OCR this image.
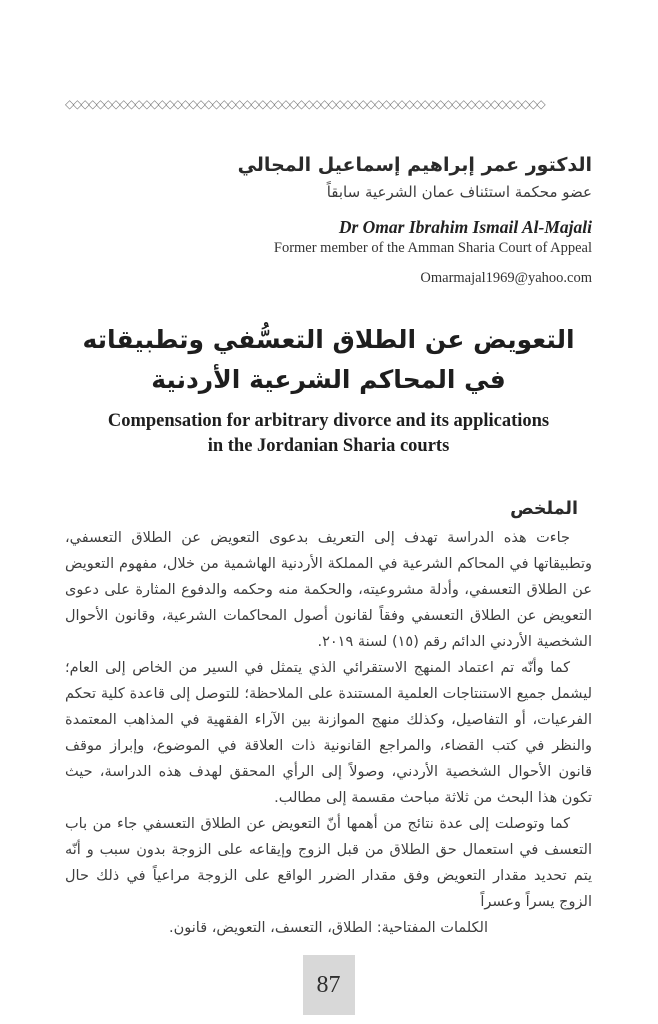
◇◇◇◇◇◇◇◇◇◇◇◇◇◇◇◇◇◇◇◇◇◇◇◇◇◇◇◇◇◇◇◇◇◇◇◇◇◇◇◇◇◇◇◇◇◇◇◇◇◇◇◇◇◇◇◇◇◇◇◇◇◇
الدكتور عمر إبراهيم إسماعيل المجالي
عضو محكمة استئناف عمان الشرعية سابقاً
Dr Omar Ibrahim Ismail Al-Majali
Former member of the Amman Sharia Court of Appeal
Omarmajal1969@yahoo.com
التعويض عن الطلاق التعسُّفي وتطبيقاته
في المحاكم الشرعية الأردنية
Compensation for arbitrary divorce and its applications
in the Jordanian Sharia courts
الملخص

جاءت هذه الدراسة تهدف إلى التعريف بدعوى التعويض عن الطلاق التعسفي، وتطبيقاتها في المحاكم الشرعية في المملكة الأردنية الهاشمية من خلال، مفهوم التعويض عن الطلاق التعسفي، وأدلة مشروعيته، والحكمة منه وحكمه والدفوع المثارة على دعوى التعويض عن الطلاق التعسفي وفقاً لقانون أصول المحاكمات الشرعية، وقانون الأحوال الشخصية الأردني الدائم رقم (١٥) لسنة ٢٠١٩.

كما وأنّه تم اعتماد المنهج الاستقرائي الذي يتمثل في السير من الخاص إلى العام؛ ليشمل جميع الاستنتاجات العلمية المستندة على الملاحظة؛ للتوصل إلى قاعدة كلية تحكم الفرعيات، أو التفاصيل، وكذلك منهج الموازنة بين الآراء الفقهية في المذاهب المعتمدة والنظر في كتب القضاء، والمراجع القانونية ذات العلاقة في الموضوع، وإبراز موقف قانون الأحوال الشخصية الأردني، وصولاً إلى الرأي المحقق لهدف هذه الدراسة، حيث تكون هذا البحث من ثلاثة مباحث مقسمة إلى مطالب.

كما وتوصلت إلى عدة نتائج من أهمها أنّ التعويض عن الطلاق التعسفي جاء من باب التعسف في استعمال حق الطلاق من قبل الزوج وإيقاعه على الزوجة بدون سبب و أنّه يتم تحديد مقدار التعويض وفق مقدار الضرر الواقع على الزوجة مراعياً في ذلك حال الزوج يسراً وعسراً

الكلمات المفتاحية: الطلاق، التعسف، التعويض، قانون.
87
